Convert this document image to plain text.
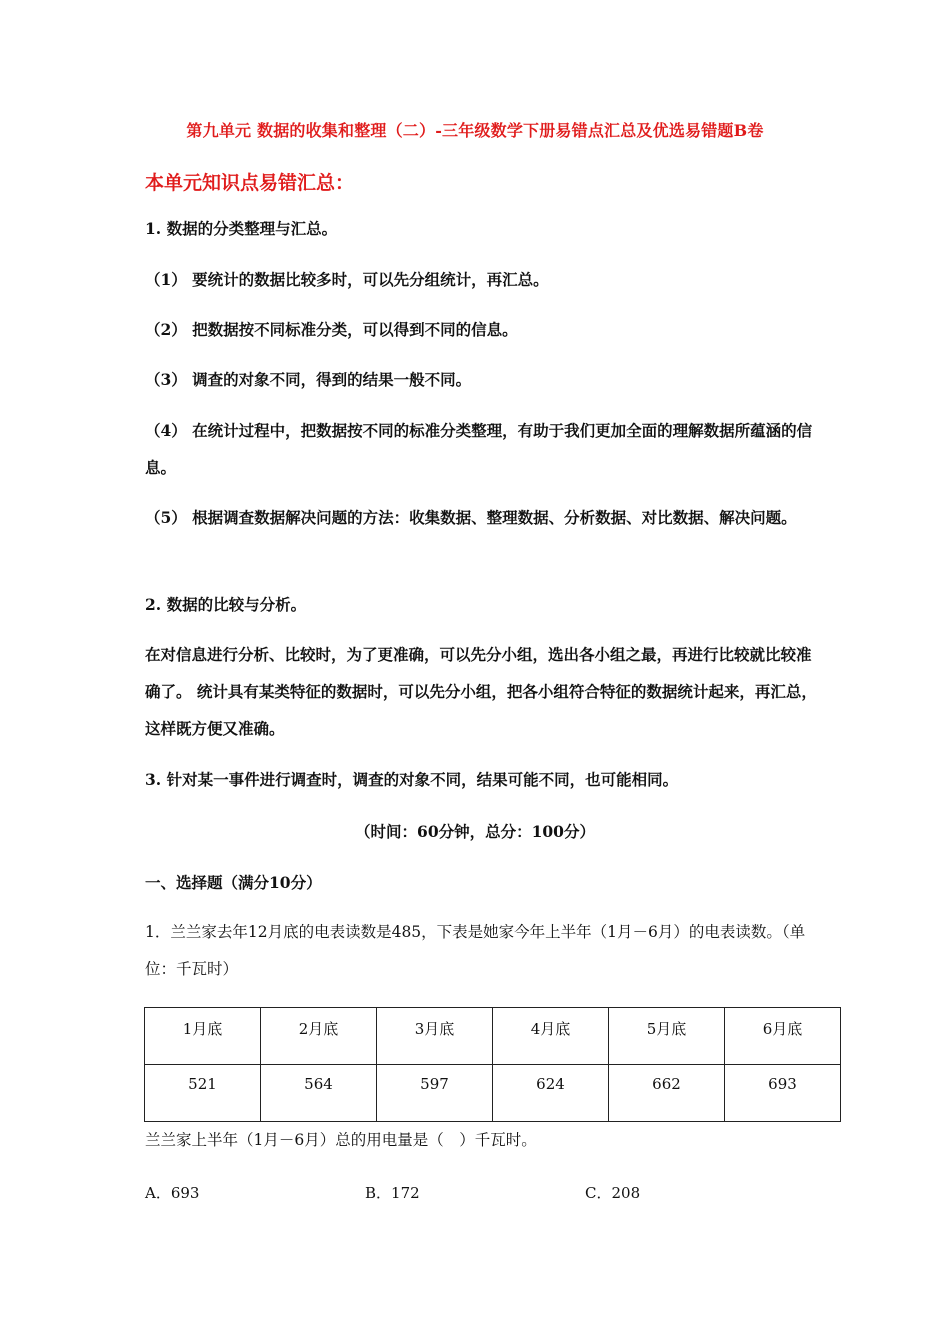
第九单元 数据的收集和整理（二）-三年级数学下册易错点汇总及优选易错题B卷
本单元知识点易错汇总：
1. 数据的分类整理与汇总。
（1） 要统计的数据比较多时，可以先分组统计，再汇总。
（2） 把数据按不同标准分类，可以得到不同的信息。
（3） 调查的对象不同，得到的结果一般不同。
（4） 在统计过程中，把数据按不同的标准分类整理，有助于我们更加全面的理解数据所蕴涵的信息。
（5） 根据调查数据解决问题的方法：收集数据、整理数据、分析数据、对比数据、解决问题。
2. 数据的比较与分析。
在对信息进行分析、比较时，为了更准确，可以先分小组，选出各小组之最，再进行比较就比较准确了。 统计具有某类特征的数据时，可以先分小组，把各小组符合特征的数据统计起来，再汇总，这样既方便又准确。
3. 针对某一事件进行调查时，调查的对象不同，结果可能不同，也可能相同。
（时间：60分钟，总分：100分）
一、选择题（满分10分）
1．兰兰家去年12月底的电表读数是485，下表是她家今年上半年（1月－6月）的电表读数。（单位：千瓦时）
1月底	2月底	3月底	4月底	5月底	6月底
521	564	597	624	662	693
兰兰家上半年（1月－6月）总的用电量是（　）千瓦时。
A．693	B．172	C．208
